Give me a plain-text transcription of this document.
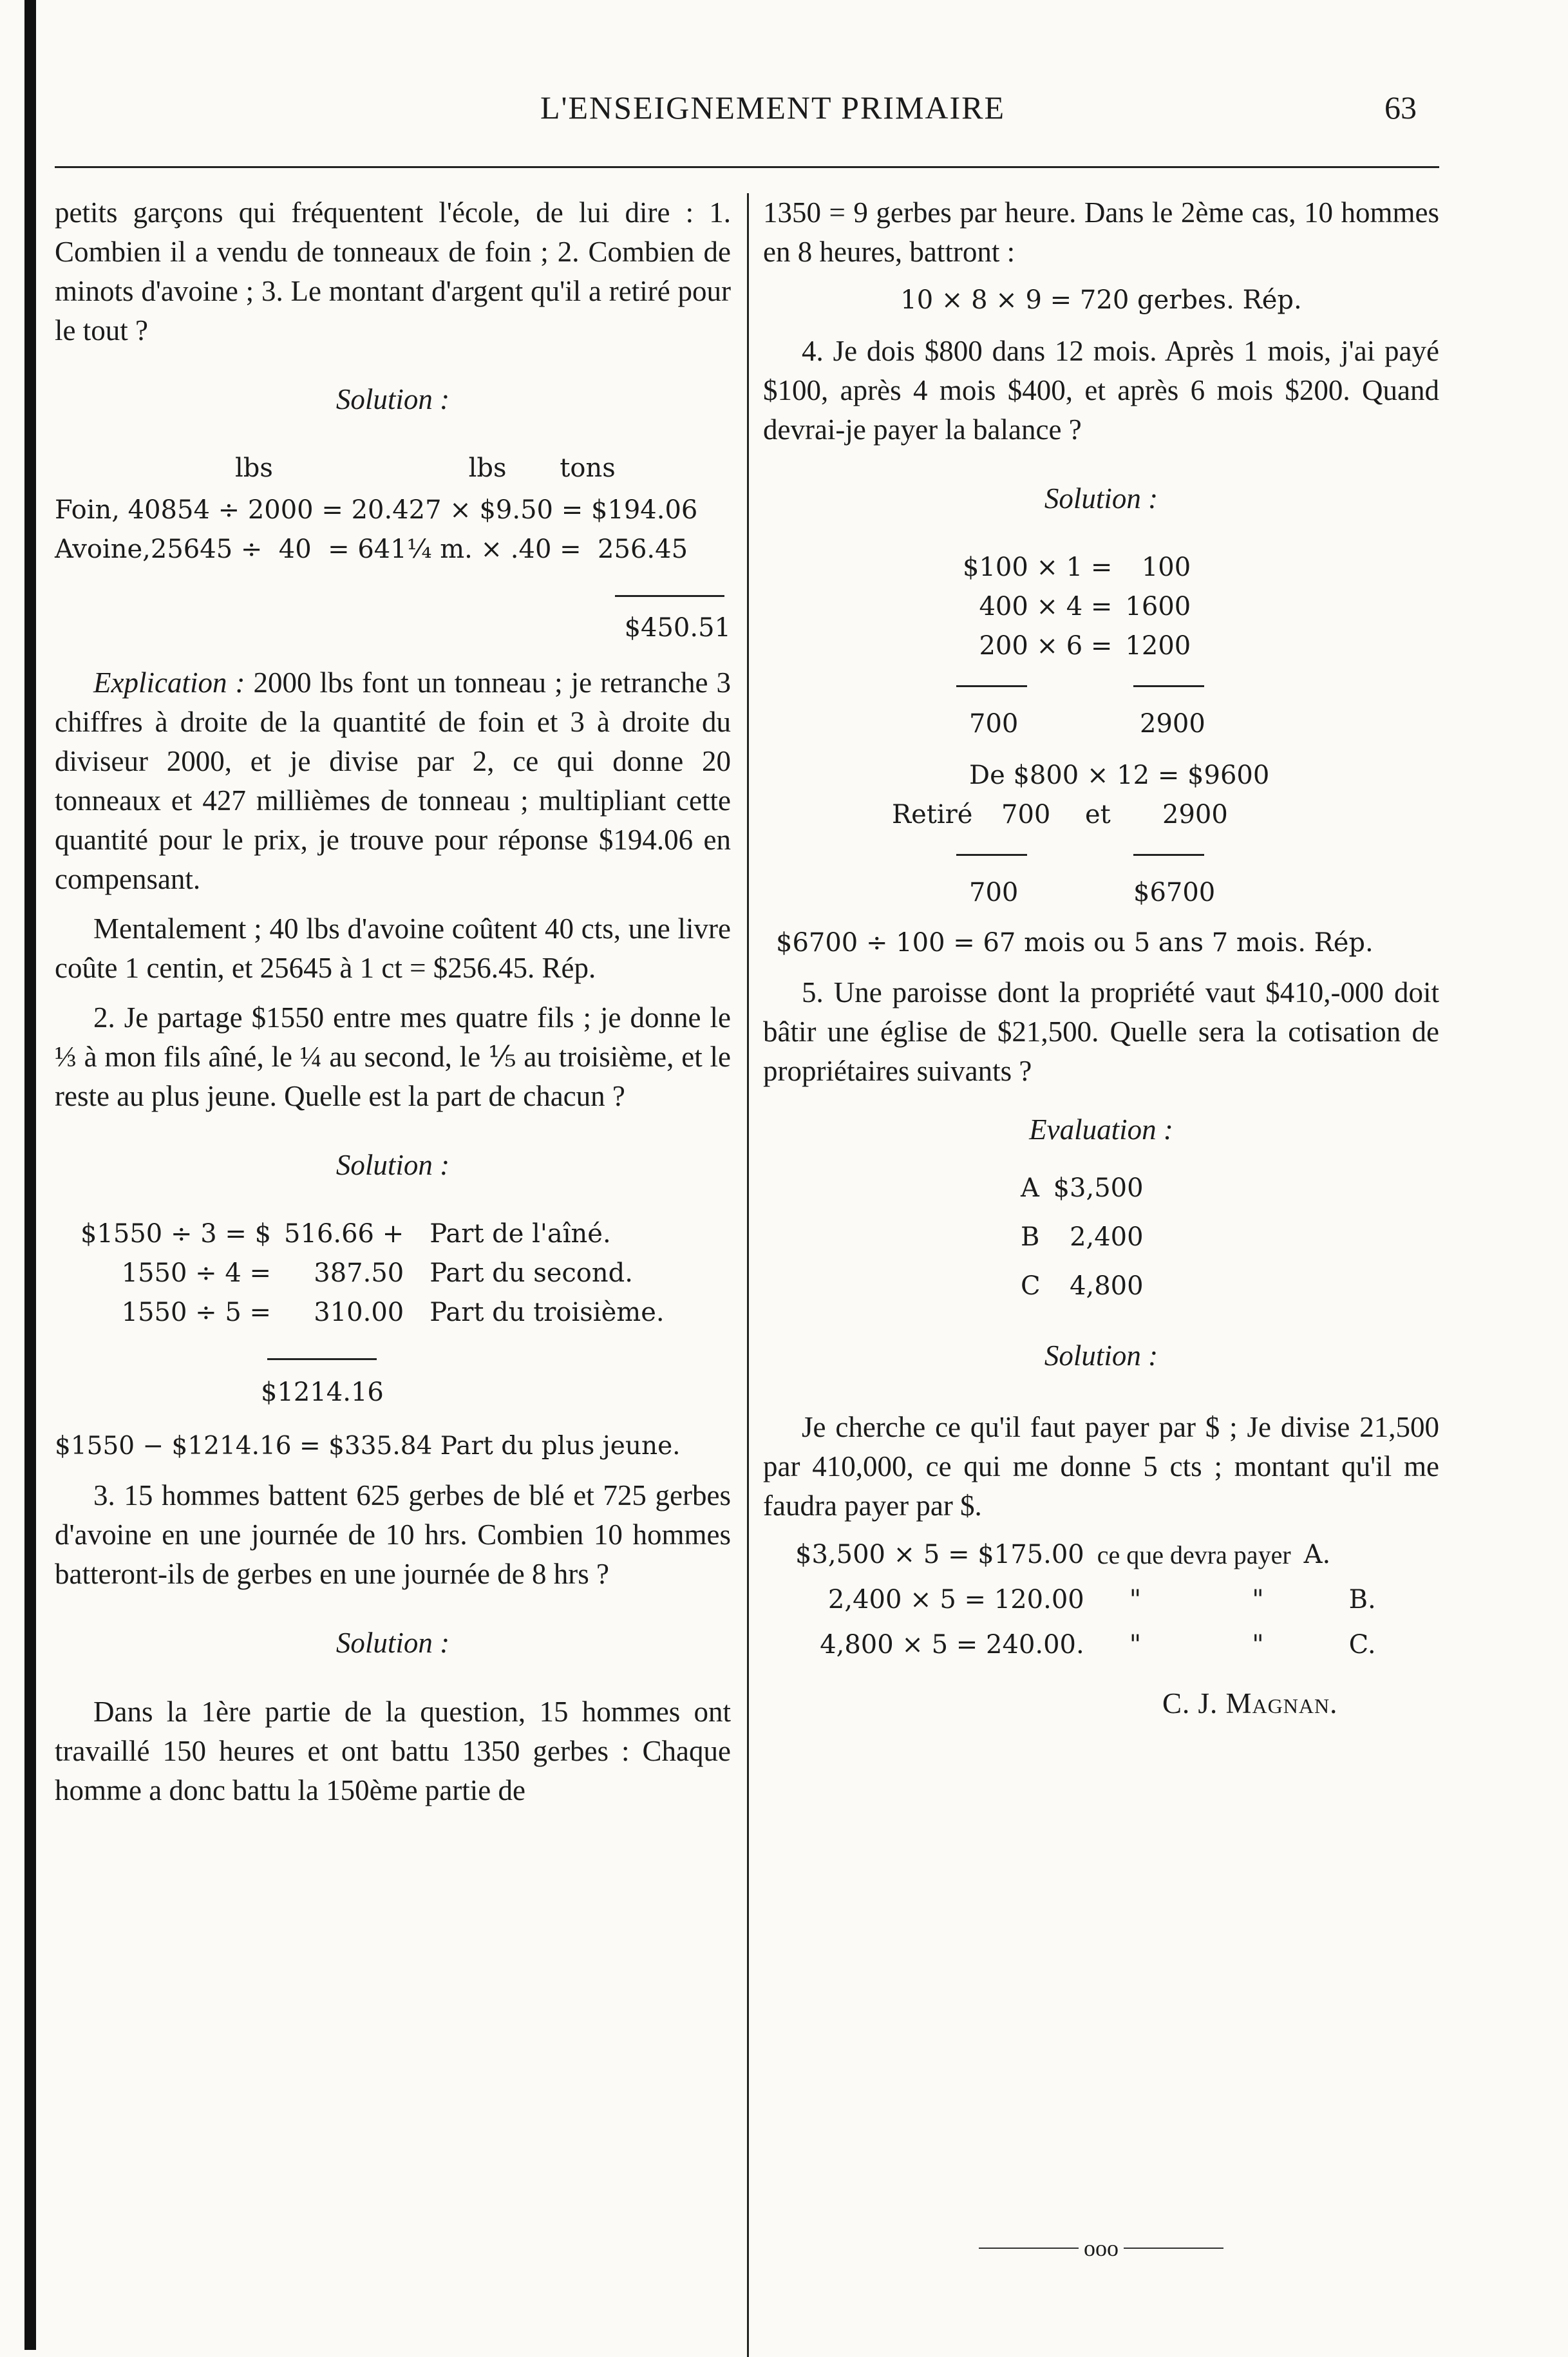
L'ENSEIGNEMENT PRIMAIRE	63

petits garçons qui fréquentent l'école, de lui dire : 1. Combien il a vendu de tonneaux de foin ; 2. Combien de minots d'avoine ; 3. Le montant d'argent qu'il a retiré pour le tout ?

Solution :
	lbs	lbs	tons
Foin, 40854 ÷ 2000 = 20.427 × $9.50 = $194.06
Avoine,25645 ÷  40  = 641¼ m. × .40 =  256.45
$450.51

Explication : 2000 lbs font un tonneau ; je retranche 3 chiffres à droite de la quantité de foin et 3 à droite du diviseur 2000, et je divise par 2, ce qui donne 20 tonneaux et 427 millièmes de tonneau ; multipliant cette quantité pour le prix, je trouve pour réponse $194.06 en compensant.

Mentalement ; 40 lbs d'avoine coûtent 40 cts, une livre coûte 1 centin, et 25645 à 1 ct = $256.45. Rép.

2. Je partage $1550 entre mes quatre fils ; je donne le ⅓ à mon fils aîné, le ¼ au second, le ⅕ au troisième, et le reste au plus jeune. Quelle est la part de chacun ?

Solution :
$1550 ÷ 3 = $	516.66 +	Part de l'aîné.
1550 ÷ 4 =	387.50	Part du second.
1550 ÷ 5 =	310.00	Part du troisième.
$1214.16
$1550 − $1214.16 = $335.84 Part du plus jeune.

3. 15 hommes battent 625 gerbes de blé et 725 gerbes d'avoine en une journée de 10 hrs. Combien 10 hommes batteront-ils de gerbes en une journée de 8 hrs ?

Solution :

Dans la 1ère partie de la question, 15 hommes ont travaillé 150 heures et ont battu 1350 gerbes : Chaque homme a donc battu la 150ème partie de

1350 = 9 gerbes par heure. Dans le 2ème cas, 10 hommes en 8 heures, battront :

10 × 8 × 9 = 720 gerbes. Rép.

4. Je dois $800 dans 12 mois. Après 1 mois, j'ai payé $100, après 4 mois $400, et après 6 mois $200. Quand devrai-je payer la balance ?

Solution :
$100 × 1 =	100
400 × 4 =	1600
200 × 6 =	1200
700	2900
De $800 × 12 = $9600
Retiré 700 et 2900
700	$6700
$6700 ÷ 100 = 67 mois ou 5 ans 7 mois. Rép.

5. Une paroisse dont la propriété vaut $410,-000 doit bâtir une église de $21,500. Quelle sera la cotisation de propriétaires suivants ?

Evaluation :
A	$3,500
B	2,400
C	4,800
Solution :

Je cherche ce qu'il faut payer par $ ; Je divise 21,500 par 410,000, ce qui me donne 5 cts ; montant qu'il me faudra payer par $.

$3,500 × 5 = $175.00	ce que devra payer		A.
2,400 × 5 = 120.00	"	"	B.
4,800 × 5 = 240.00.	"	"	C.
C. J. Magnan.
ooo
